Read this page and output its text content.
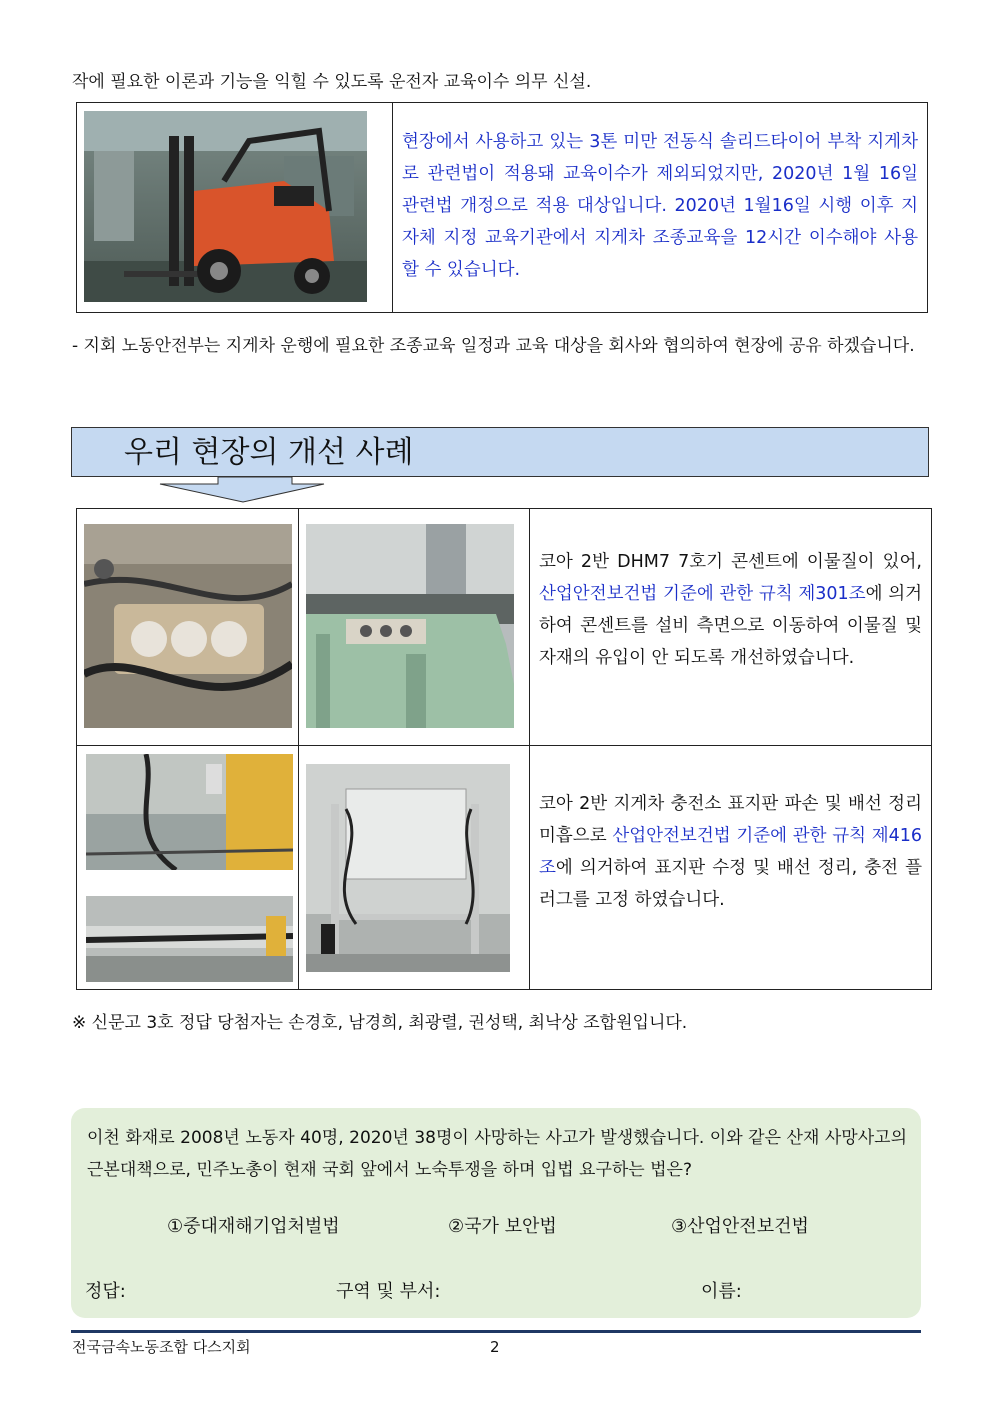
작에 필요한 이론과 기능을 익힐 수 있도록 운전자 교육이수 의무 신설.
현장에서 사용하고 있는 3톤 미만 전동식 솔리드타이어 부착 지게차로 관련법이 적용돼 교육이수가 제외되었지만, 2020년 1월 16일 관련법 개정으로 적용 대상입니다. 2020년 1월16일 시행 이후 지자체 지정 교육기관에서 지게차 조종교육을 12시간 이수해야 사용할 수 있습니다.
- 지회 노동안전부는 지게차 운행에 필요한 조종교육 일정과 교육 대상을 회사와 협의하여 현장에 공유 하겠습니다.
우리 현장의 개선 사례
코아 2반 DHM7 7호기 콘센트에 이물질이 있어, 산업안전보건법 기준에 관한 규칙 제301조에 의거하여 콘센트를 설비 측면으로 이동하여 이물질 및 자재의 유입이 안 되도록 개선하였습니다.
코아 2반 지게차 충전소 표지판 파손 및 배선 정리 미흡으로 산업안전보건법 기준에 관한 규칙 제416조에 의거하여 표지판 수정 및 배선 정리, 충전 플러그를 고정 하였습니다.
※ 신문고 3호 정답 당첨자는 손경호, 남경희, 최광렬, 권성택, 최낙상 조합원입니다.
이천 화재로 2008년 노동자 40명, 2020년 38명이 사망하는 사고가 발생했습니다. 이와 같은 산재 사망사고의 근본대책으로, 민주노총이 현재 국회 앞에서 노숙투쟁을 하며 입법 요구하는 법은?
①중대재해기업처벌법	②국가 보안법	③산업안전보건법
정답:	구역 및 부서:	이름:
전국금속노동조합 다스지회	2
